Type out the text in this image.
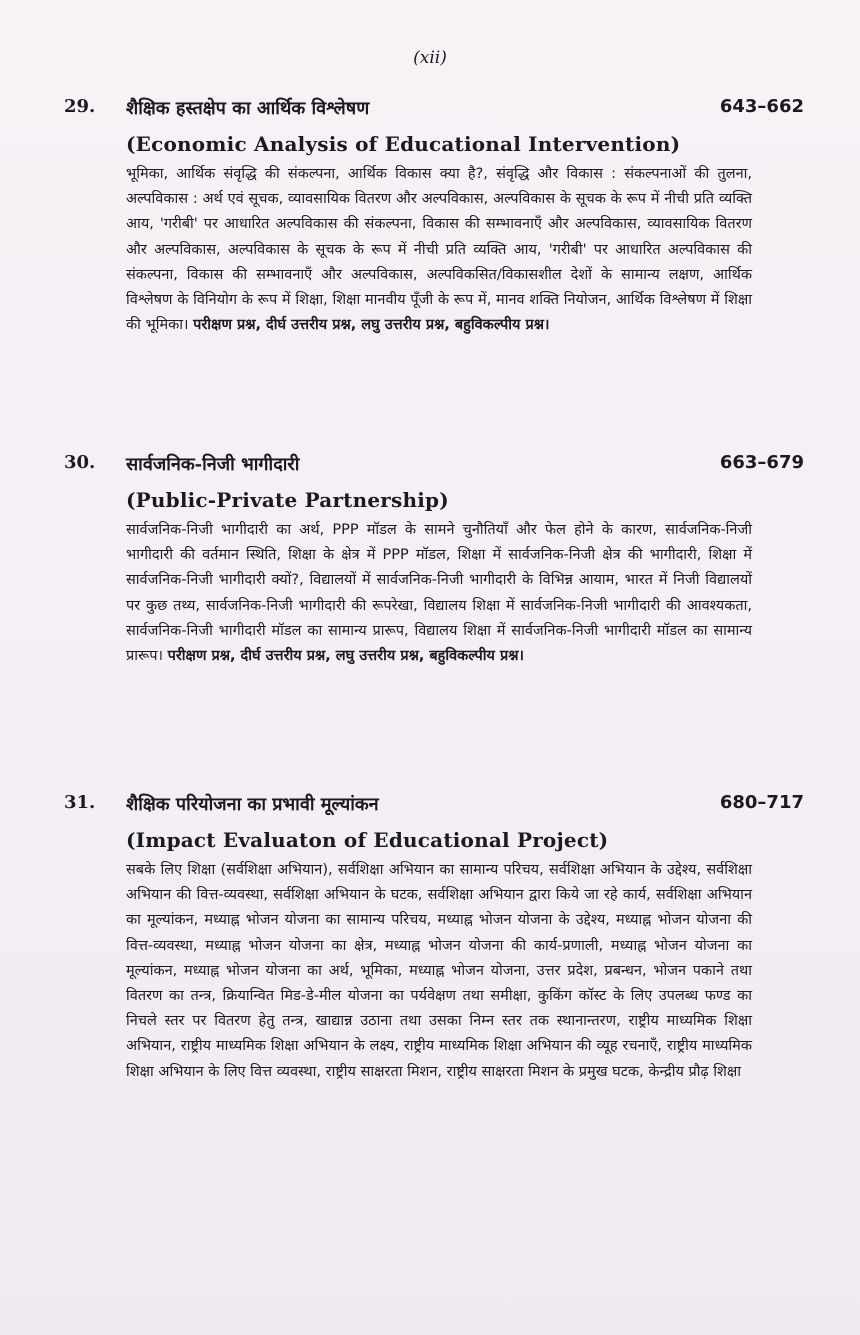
(xii)
29.	शैक्षिक हस्तक्षेप का आर्थिक विश्लेषण	643–662
(Economic Analysis of Educational Intervention)
भूमिका, आर्थिक संवृद्धि की संकल्पना, आर्थिक विकास क्या है?, संवृद्धि और विकास : संकल्पनाओं की तुलना, अल्पविकास : अर्थ एवं सूचक, व्यावसायिक वितरण और अल्पविकास, अल्पविकास के सूचक के रूप में नीची प्रति व्यक्ति आय, 'गरीबी' पर आधारित अल्पविकास की संकल्पना, विकास की सम्भावनाएँ और अल्पविकास, व्यावसायिक वितरण और अल्पविकास, अल्पविकास के सूचक के रूप में नीची प्रति व्यक्ति आय, 'गरीबी' पर आधारित अल्पविकास की संकल्पना, विकास की सम्भावनाएँ और अल्पविकास, अल्पविकसित/विकासशील देशों के सामान्य लक्षण, आर्थिक विश्लेषण के विनियोग के रूप में शिक्षा, शिक्षा मानवीय पूँजी के रूप में, मानव शक्ति नियोजन, आर्थिक विश्लेषण में शिक्षा की भूमिका। परीक्षण प्रश्न, दीर्घ उत्तरीय प्रश्न, लघु उत्तरीय प्रश्न, बहुविकल्पीय प्रश्न।
30.	सार्वजनिक-निजी भागीदारी	663–679
(Public-Private Partnership)
सार्वजनिक-निजी भागीदारी का अर्थ, PPP मॉडल के सामने चुनौतियाँ और फेल होने के कारण, सार्वजनिक-निजी भागीदारी की वर्तमान स्थिति, शिक्षा के क्षेत्र में PPP मॉडल, शिक्षा में सार्वजनिक-निजी क्षेत्र की भागीदारी, शिक्षा में सार्वजनिक-निजी भागीदारी क्यों?, विद्यालयों में सार्वजनिक-निजी भागीदारी के विभिन्न आयाम, भारत में निजी विद्यालयों पर कुछ तथ्य, सार्वजनिक-निजी भागीदारी की रूपरेखा, विद्यालय शिक्षा में सार्वजनिक-निजी भागीदारी की आवश्यकता, सार्वजनिक-निजी भागीदारी मॉडल का सामान्य प्रारूप, विद्यालय शिक्षा में सार्वजनिक-निजी भागीदारी मॉडल का सामान्य प्रारूप। परीक्षण प्रश्न, दीर्घ उत्तरीय प्रश्न, लघु उत्तरीय प्रश्न, बहुविकल्पीय प्रश्न।
31.	शैक्षिक परियोजना का प्रभावी मूल्यांकन	680–717
(Impact Evaluaton of Educational Project)
सबके लिए शिक्षा (सर्वशिक्षा अभियान), सर्वशिक्षा अभियान का सामान्य परिचय, सर्वशिक्षा अभियान के उद्देश्य, सर्वशिक्षा अभियान की वित्त-व्यवस्था, सर्वशिक्षा अभियान के घटक, सर्वशिक्षा अभियान द्वारा किये जा रहे कार्य, सर्वशिक्षा अभियान का मूल्यांकन, मध्याह्न भोजन योजना का सामान्य परिचय, मध्याह्न भोजन योजना के उद्देश्य, मध्याह्न भोजन योजना की वित्त-व्यवस्था, मध्याह्न भोजन योजना का क्षेत्र, मध्याह्न भोजन योजना की कार्य-प्रणाली, मध्याह्न भोजन योजना का मूल्यांकन, मध्याह्न भोजन योजना का अर्थ, भूमिका, मध्याह्न भोजन योजना, उत्तर प्रदेश, प्रबन्धन, भोजन पकाने तथा वितरण का तन्त्र, क्रियान्वित मिड-डे-मील योजना का पर्यवेक्षण तथा समीक्षा, कुकिंग कॉस्ट के लिए उपलब्ध फण्ड का निचले स्तर पर वितरण हेतु तन्त्र, खाद्यान्न उठाना तथा उसका निम्न स्तर तक स्थानान्तरण, राष्ट्रीय माध्यमिक शिक्षा अभियान, राष्ट्रीय माध्यमिक शिक्षा अभियान के लक्ष्य, राष्ट्रीय माध्यमिक शिक्षा अभियान की व्यूह रचनाएँ, राष्ट्रीय माध्यमिक शिक्षा अभियान के लिए वित्त व्यवस्था, राष्ट्रीय साक्षरता मिशन, राष्ट्रीय साक्षरता मिशन के प्रमुख घटक, केन्द्रीय प्रौढ़ शिक्षा
